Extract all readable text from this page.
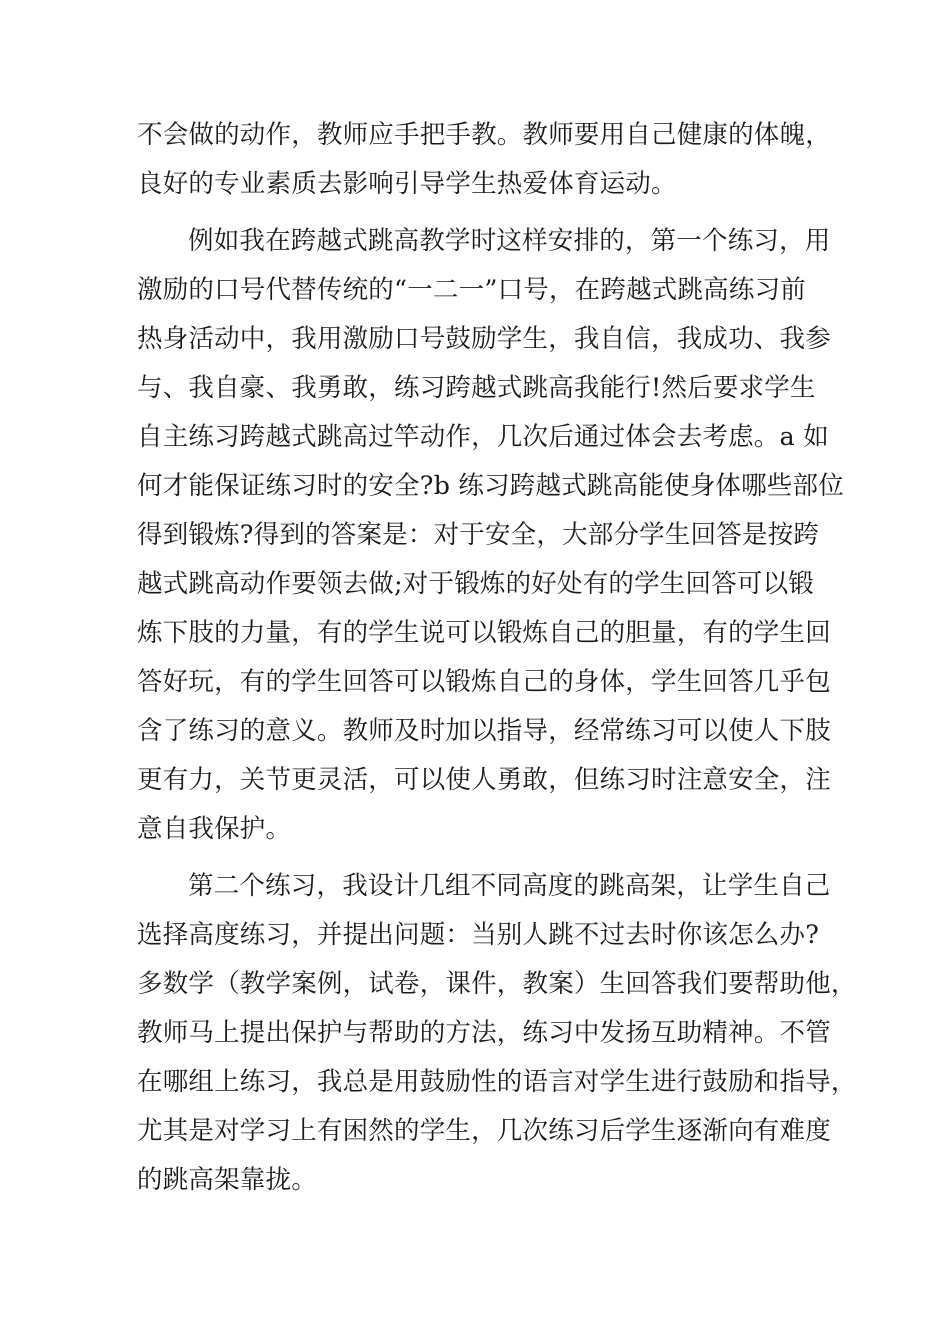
不会做的动作，教师应手把手教。教师要用自己健康的体魄，
良好的专业素质去影响引导学生热爱体育运动。
例如我在跨越式跳高教学时这样安排的，第一个练习，用
激励的口号代替传统的“一二一”口号，在跨越式跳高练习前
热身活动中，我用激励口号鼓励学生，我自信，我成功、我参
与、我自豪、我勇敢，练习跨越式跳高我能行!然后要求学生
自主练习跨越式跳高过竿动作，几次后通过体会去考虑。a 如
何才能保证练习时的安全?b 练习跨越式跳高能使身体哪些部位
得到锻炼?得到的答案是：对于安全，大部分学生回答是按跨
越式跳高动作要领去做;对于锻炼的好处有的学生回答可以锻
炼下肢的力量，有的学生说可以锻炼自己的胆量，有的学生回
答好玩，有的学生回答可以锻炼自己的身体，学生回答几乎包
含了练习的意义。教师及时加以指导，经常练习可以使人下肢
更有力，关节更灵活，可以使人勇敢，但练习时注意安全，注
意自我保护。
第二个练习，我设计几组不同高度的跳高架，让学生自己
选择高度练习，并提出问题：当别人跳不过去时你该怎么办?
多数学（教学案例，试卷，课件，教案）生回答我们要帮助他，
教师马上提出保护与帮助的方法，练习中发扬互助精神。不管
在哪组上练习，我总是用鼓励性的语言对学生进行鼓励和指导，
尤其是对学习上有困然的学生，几次练习后学生逐渐向有难度
的跳高架靠拢。
